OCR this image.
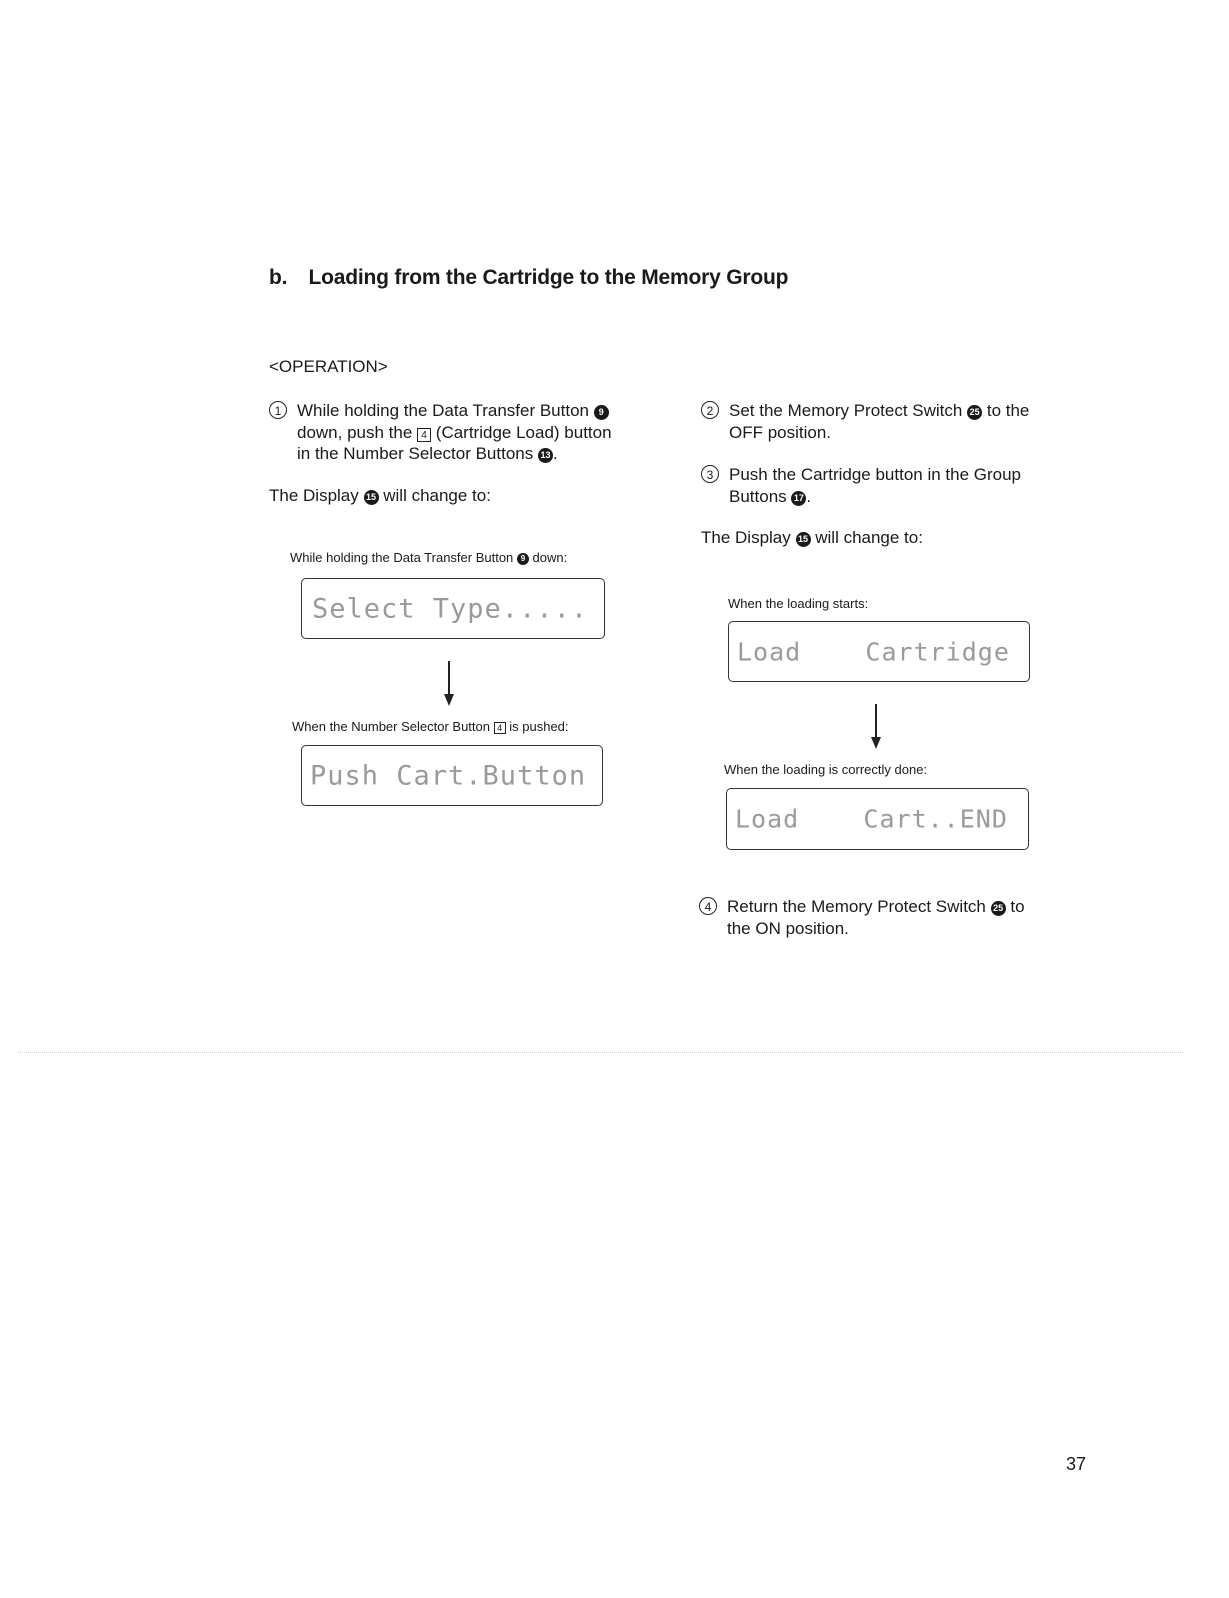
b. Loading from the Cartridge to the Memory Group
<OPERATION>
1 While holding the Data Transfer Button 9
down, push the 4 (Cartridge Load) button
in the Number Selector Buttons 13 .
The Display 15 will change to:
While holding the Data Transfer Button 9 down:
Select Type.....
When the Number Selector Button 4 is pushed:
Push Cart.Button
2 Set the Memory Protect Switch 25 to the
OFF position.
3 Push the Cartridge button in the Group
Buttons 17 .
The Display 15 will change to:
When the loading starts:
Load    Cartridge
When the loading is correctly done:
Load    Cart..END
4 Return the Memory Protect Switch 25 to
the ON position.
37
